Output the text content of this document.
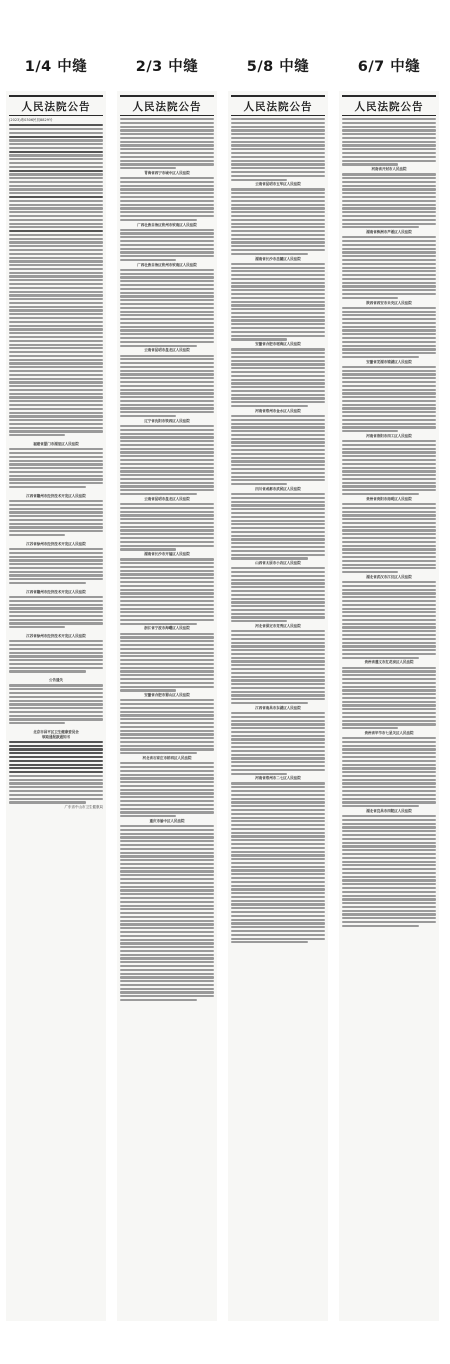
1/4 中缝
人民法院公告
(2023)粤0306民初8829号
福建省厦门市湖里区人民法院
江西省赣州市经济技术开发区人民法院
江苏省徐州市经济技术开发区人民法院
江西省赣州市经济技术开发区人民法院
江苏省徐州市经济技术开发区人民法院
公告遗失
北京市昌平区卫生健康委员会
领取通报款通知书
广东省中山市卫生健康局
2/3 中缝
人民法院公告
青海省西宁市城中区人民法院
广西壮族自治区钦州市钦南区人民法院
广西壮族自治区钦州市钦南区人民法院
云南省昆明市盘龙区人民法院
辽宁省沈阳市铁西区人民法院
云南省昆明市盘龙区人民法院
湖南省长沙市开福区人民法院
浙江省宁波市海曙区人民法院
安徽省合肥市蜀山区人民法院
河北省石家庄市桥西区人民法院
重庆市渝中区人民法院
5/8 中缝
人民法院公告
云南省昆明市五华区人民法院
湖南省长沙市岳麓区人民法院
安徽省合肥市瑶海区人民法院
河南省郑州市金水区人民法院
四川省成都市武侯区人民法院
山西省太原市小店区人民法院
河北省保定市竞秀区人民法院
江西省南昌市东湖区人民法院
河南省郑州市二七区人民法院
6/7 中缝
人民法院公告
河南省开封市人民法院
湖南省株洲市芦淞区人民法院
陕西省西安市未央区人民法院
安徽省芜湖市镜湖区人民法院
河南省洛阳市西工区人民法院
贵州省贵阳市南明区人民法院
湖北省武汉市江汉区人民法院
贵州省遵义市红花岗区人民法院
贵州省毕节市七星关区人民法院
湖北省宜昌市西陵区人民法院
